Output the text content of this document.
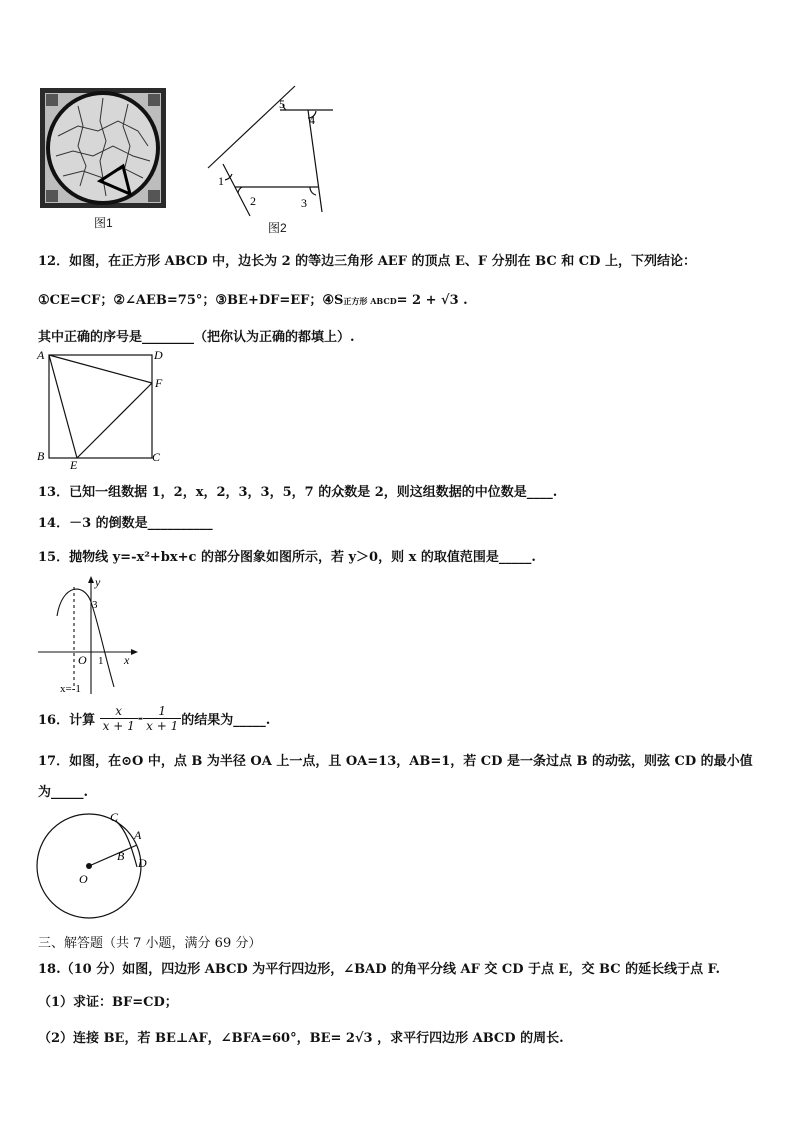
图1
1
2	3
4
5
图2
12．如图，在正方形 ABCD 中，边长为 2 的等边三角形 AEF 的顶点 E、F 分别在 BC 和 CD 上，下列结论：
①CE=CF；②∠AEB=75°；③BE+DF=EF；④S正方形 ABCD= 2 + √3 .
其中正确的序号是________（把你认为正确的都填上）.
A	D
F
B	C
E
13．已知一组数据 1，2，x，2，3，3，5，7 的众数是 2，则这组数据的中位数是____.
14．－3 的倒数是__________
15．抛物线 y=-x²+bx+c 的部分图象如图所示，若 y＞0，则 x 的取值范围是_____.
y
x
O 1
3
x=-1
16．计算 $\frac{x}{x + 1} - \frac{1}{x + 1}$ 的结果为_____.
17．如图，在⊙O 中，点 B 为半径 OA 上一点，且 OA=13，AB=1，若 CD 是一条过点 B 的动弦，则弦 CD 的最小值
为_____.
C
A
B D
O
三、解答题（共 7 小题，满分 69 分）
18.（10 分）如图，四边形 ABCD 为平行四边形，∠BAD 的角平分线 AF 交 CD 于点 E，交 BC 的延长线于点 F.
（1）求证：BF=CD；
（2）连接 BE，若 BE⊥AF，∠BFA=60°，BE= 2√3 ，求平行四边形 ABCD 的周长.
